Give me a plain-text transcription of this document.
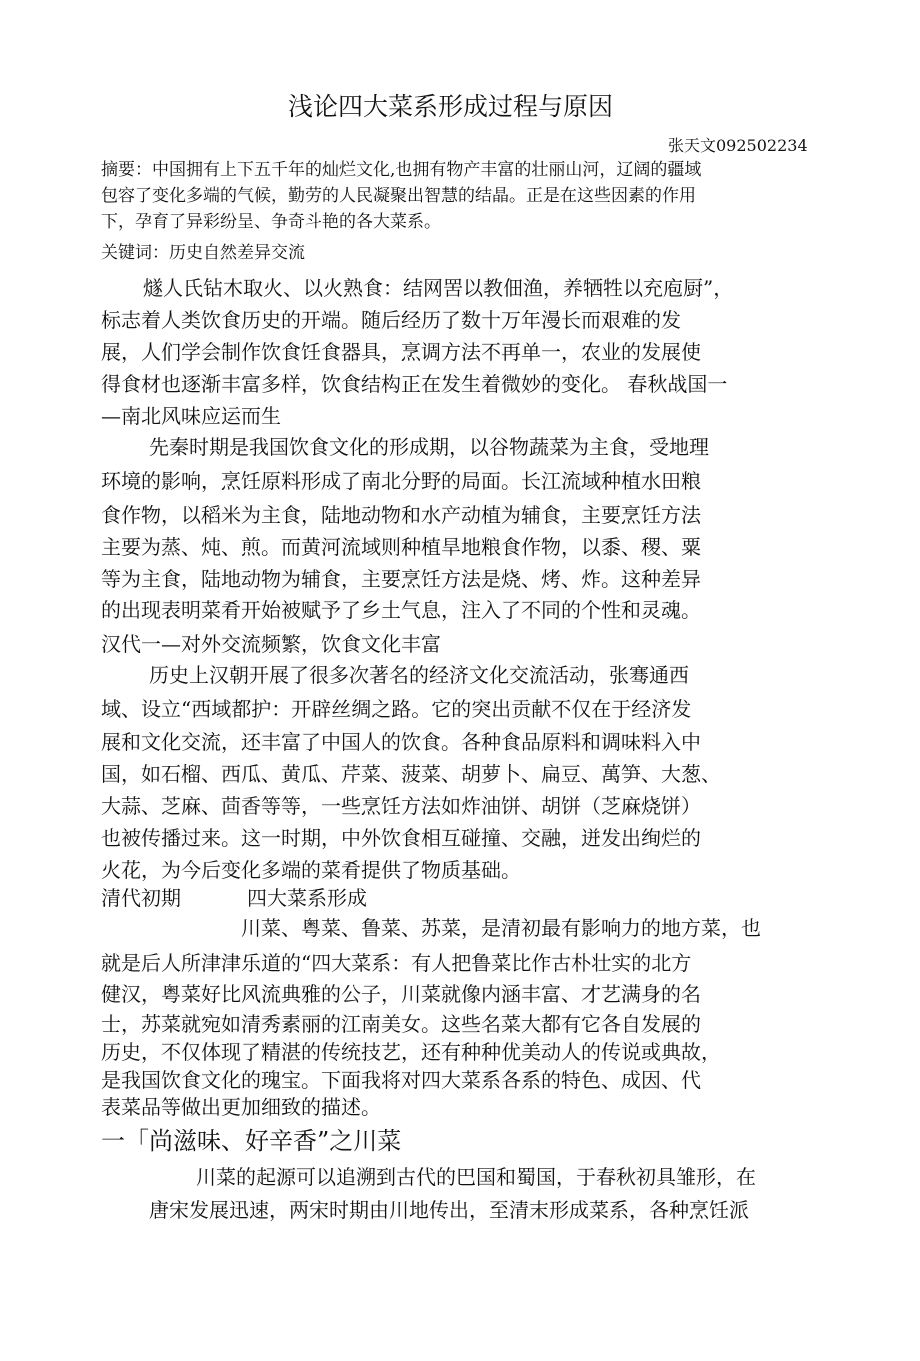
浅论四大菜系形成过程与原因
张天文092502234
摘要：中国拥有上下五千年的灿烂文化,也拥有物产丰富的壮丽山河，辽阔的疆域
包容了变化多端的气候，勤劳的人民凝聚出智慧的结晶。正是在这些因素的作用
下，孕育了异彩纷呈、争奇斗艳的各大菜系。
关键词：历史自然差异交流
燧人氏钻木取火、以火熟食：结网罟以教佃渔，养牺牲以充庖厨”，
标志着人类饮食历史的开端。随后经历了数十万年漫长而艰难的发
展，人们学会制作饮食饪食器具，烹调方法不再单一，农业的发展使
得食材也逐渐丰富多样，饮食结构正在发生着微妙的变化。 春秋战国一
—南北风味应运而生
先秦时期是我国饮食文化的形成期，以谷物蔬菜为主食，受地理
环境的影响，烹饪原料形成了南北分野的局面。长江流域种植水田粮
食作物，以稻米为主食，陆地动物和水产动植为辅食，主要烹饪方法
主要为蒸、炖、煎。而黄河流域则种植旱地粮食作物，以黍、稷、粟
等为主食，陆地动物为辅食，主要烹饪方法是烧、烤、炸。这种差异
的出现表明菜肴开始被赋予了乡土气息，注入了不同的个性和灵魂。
汉代一—对外交流频繁，饮食文化丰富
历史上汉朝开展了很多次著名的经济文化交流活动，张骞通西
域、设立“西域都护：开辟丝绸之路。它的突出贡献不仅在于经济发
展和文化交流，还丰富了中国人的饮食。各种食品原料和调味料入中
国，如石榴、西瓜、黄瓜、芹菜、菠菜、胡萝卜、扁豆、萬笋、大葱、
大蒜、芝麻、茴香等等，一些烹饪方法如炸油饼、胡饼（芝麻烧饼）
也被传播过来。这一时期，中外饮食相互碰撞、交融，迸发出绚烂的
火花，为今后变化多端的菜肴提供了物质基础。
清代初期	四大菜系形成
川菜、粤菜、鲁菜、苏菜，是清初最有影响力的地方菜，也
就是后人所津津乐道的“四大菜系：有人把鲁菜比作古朴壮实的北方
健汉，粤菜好比风流典雅的公子，川菜就像内涵丰富、才艺满身的名
士，苏菜就宛如清秀素丽的江南美女。这些名菜大都有它各自发展的
历史，不仅体现了精湛的传统技艺，还有种种优美动人的传说或典故，
是我国饮食文化的瑰宝。下面我将对四大菜系各系的特色、成因、代
表菜品等做出更加细致的描述。
一「尚滋味、好辛香”之川菜
川菜的起源可以追溯到古代的巴国和蜀国，于春秋初具雏形，在
唐宋发展迅速，两宋时期由川地传出，至清末形成菜系，各种烹饪派
